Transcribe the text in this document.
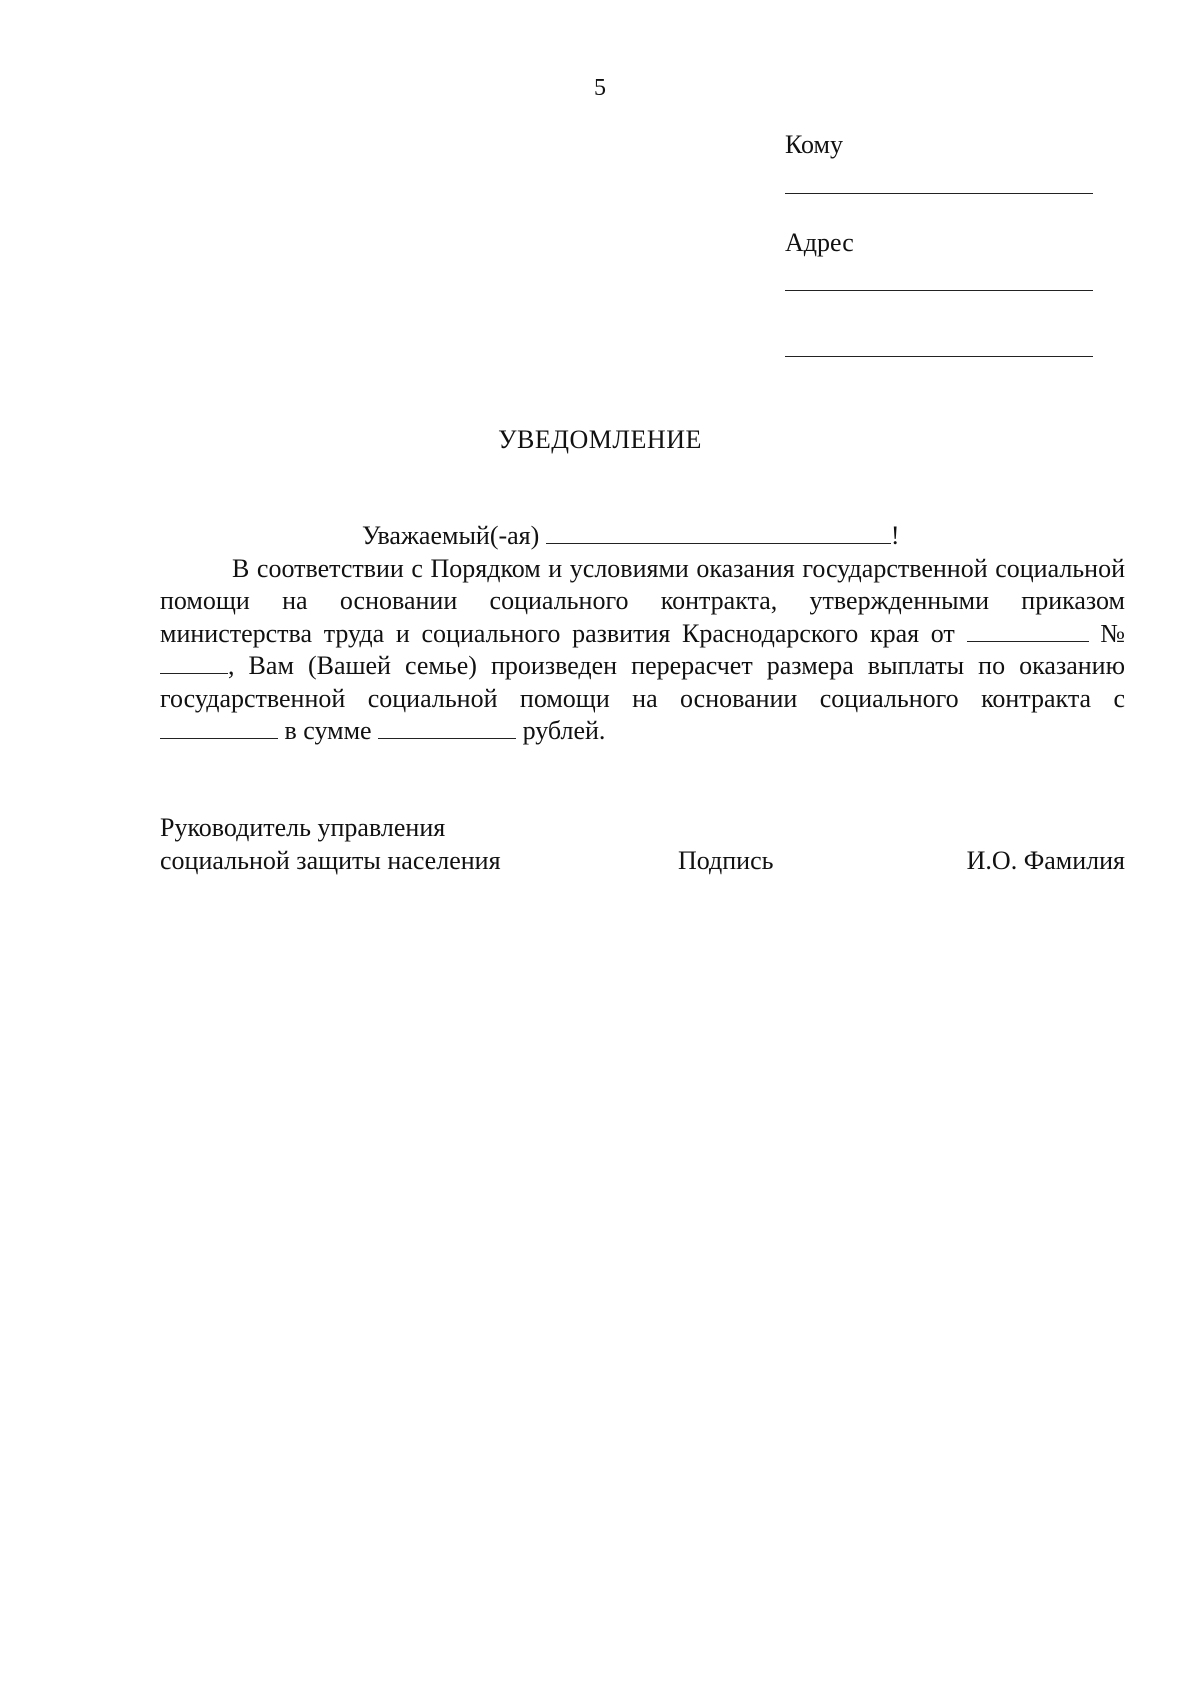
5
Кому
Адрес
УВЕДОМЛЕНИЕ
Уважаемый(-ая)	!
В соответствии с Порядком и условиями оказания государственной социальной помощи на основании социального контракта, утвержденными приказом министерства труда и социального развития Краснодарского края от	№ , Вам (Вашей семье) произведен перерасчет размера выплаты по оказанию государственной социальной помощи на основании социального контракта с  в сумме	рублей.
Руководитель управления
социальной защиты населения	Подпись	И.О. Фамилия
